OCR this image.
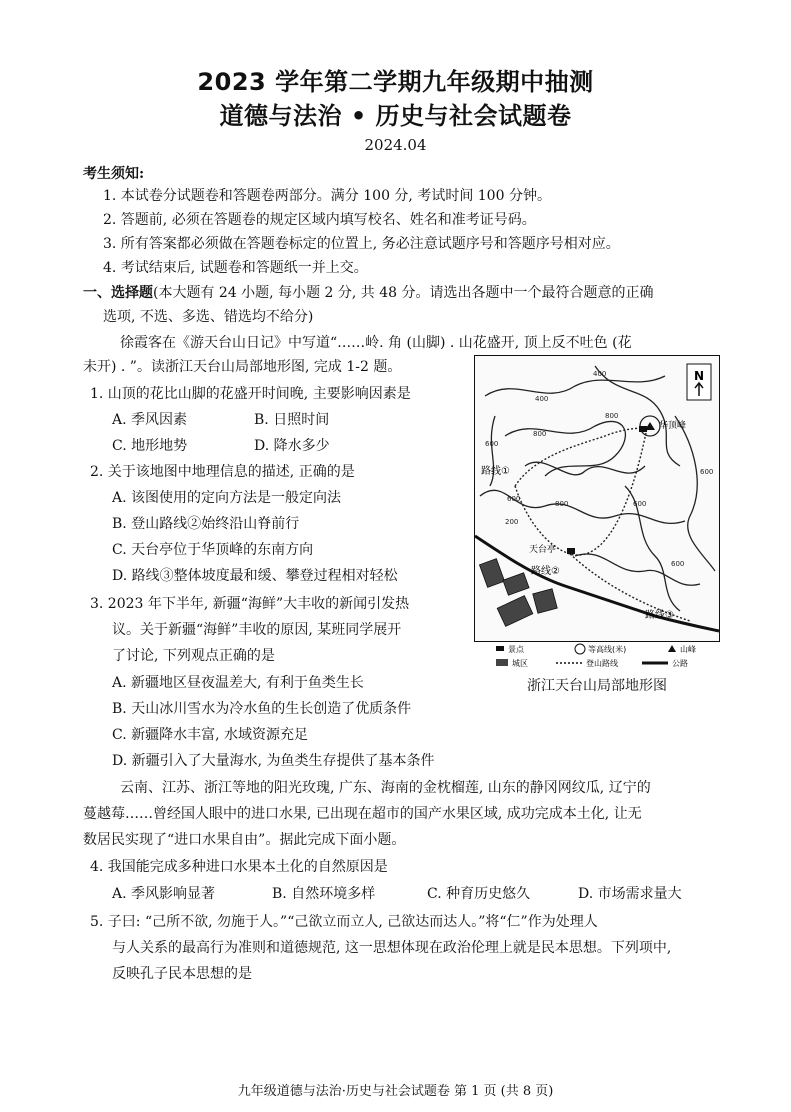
2023 学年第二学期九年级期中抽测
道德与法治 • 历史与社会试题卷
2024.04
考生须知:
1. 本试卷分试题卷和答题卷两部分。满分 100 分, 考试时间 100 分钟。
2. 答题前, 必须在答题卷的规定区域内填写校名、姓名和准考证号码。
3. 所有答案都必须做在答题卷标定的位置上, 务必注意试题序号和答题序号相对应。
4. 考试结束后, 试题卷和答题纸一并上交。
一、选择题(本大题有 24 小题, 每小题 2 分, 共 48 分。请选出各题中一个最符合题意的正确
选项, 不选、多选、错选均不给分)
徐霞客在《游天台山日记》中写道“……岭. 角 (山脚) . 山花盛开, 顶上反不吐色 (花
未开) . ”。读浙江天台山局部地形图, 完成 1-2 题。
1. 山顶的花比山脚的花盛开时间晚, 主要影响因素是
A. 季风因素	B. 日照时间
C. 地形地势	D. 降水多少
2. 关于该地图中地理信息的描述, 正确的是
A. 该图使用的定向方法是一般定向法
B. 登山路线②始终沿山脊前行
C. 天台亭位于华顶峰的东南方向
D. 路线③整体坡度最和缓、攀登过程相对轻松
3. 2023 年下半年, 新疆“海鲜”大丰收的新闻引发热
议。关于新疆“海鲜”丰收的原因, 某班同学展开
了讨论, 下列观点正确的是
A. 新疆地区昼夜温差大, 有利于鱼类生长
B. 天山冰川雪水为冷水鱼的生长创造了优质条件
C. 新疆降水丰富, 水域资源充足
D. 新疆引入了大量海水, 为鱼类生存提供了基本条件
N
华顶峰
天台亭
路线①
路线②
路线③
400
400
800
600
800
600
600
600
200
800
600
景点	等高线(米)	山峰
城区	登山路线	公路
浙江天台山局部地形图
云南、江苏、浙江等地的阳光玫瑰, 广东、海南的金枕榴莲, 山东的静冈网纹瓜, 辽宁的
蔓越莓……曾经国人眼中的进口水果, 已出现在超市的国产水果区域, 成功完成本土化, 让无
数居民实现了“进口水果自由”。据此完成下面小题。
4. 我国能完成多种进口水果本土化的自然原因是
A. 季风影响显著	B. 自然环境多样	C. 种育历史悠久	D. 市场需求量大
5. 子曰: “己所不欲, 勿施于人。”“己欲立而立人, 己欲达而达人。”将“仁”作为处理人
与人关系的最高行为准则和道德规范, 这一思想体现在政治伦理上就是民本思想。下列项中,
反映孔子民本思想的是
九年级道德与法治·历史与社会试题卷 第 1 页 (共 8 页)
